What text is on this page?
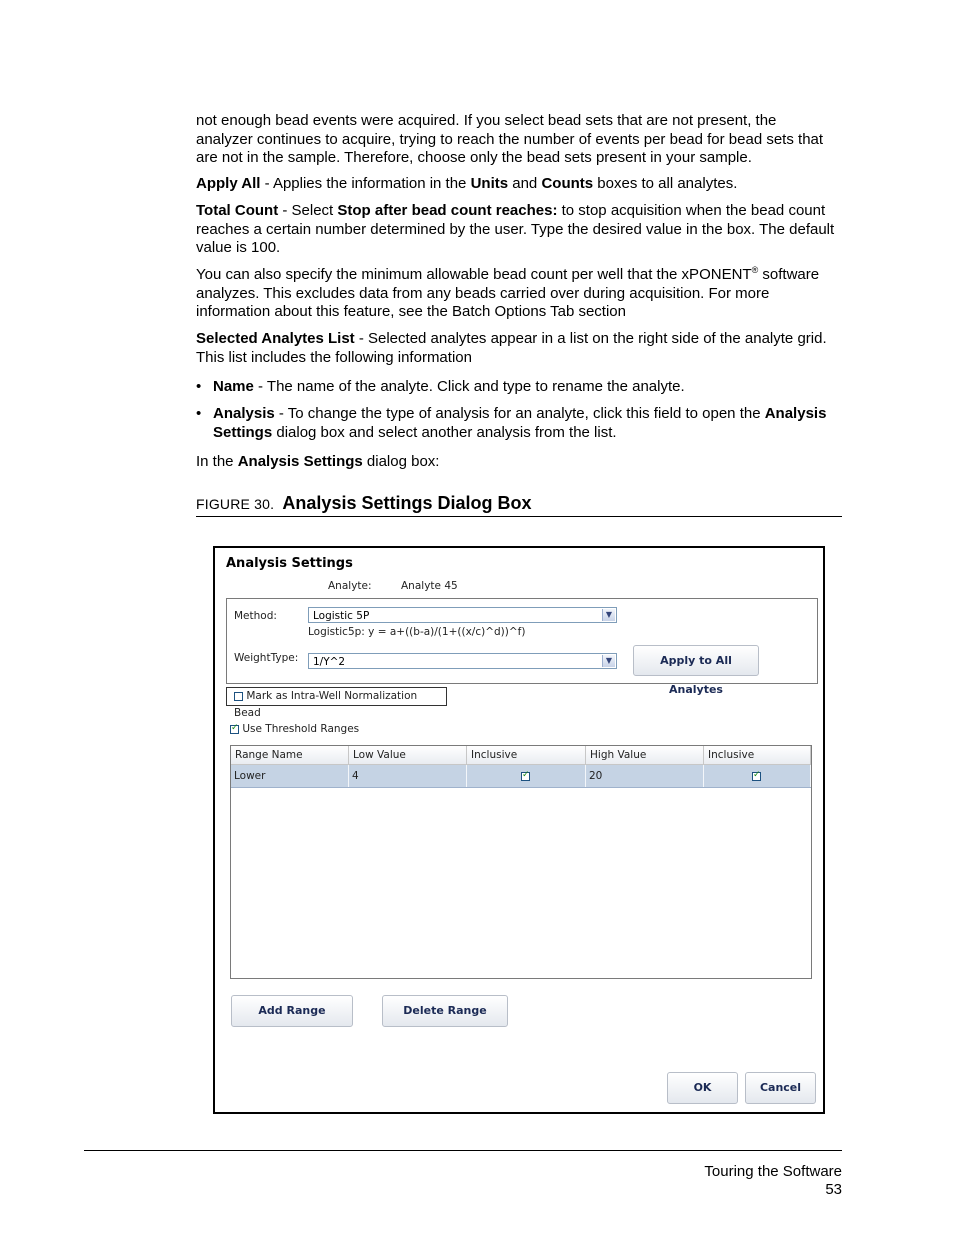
not enough bead events were acquired. If you select bead sets that are not present, the analyzer continues to acquire, trying to reach the number of events per bead for bead sets that are not in the sample. Therefore, choose only the bead sets present in your sample.
Apply All - Applies the information in the Units and Counts boxes to all analytes.
Total Count - Select Stop after bead count reaches: to stop acquisition when the bead count reaches a certain number determined by the user. Type the desired value in the box. The default value is 100.
You can also specify the minimum allowable bead count per well that the xPONENT® software analyzes. This excludes data from any beads carried over during acquisition. For more information about this feature, see the Batch Options Tab section
Selected Analytes List - Selected analytes appear in a list on the right side of the analyte grid. This list includes the following information
• Name - The name of the analyte. Click and type to rename the analyte.
• Analysis - To change the type of analysis for an analyte, click this field to open the Analysis Settings dialog box and select another analysis from the list.
In the Analysis Settings dialog box:
FIGURE 30. Analysis Settings Dialog Box
Analysis Settings
Analyte:	Analyte 45
Method:	Logistic 5P	▼
Logistic5p: y = a+((b-a)/(1+((x/c)^d))^f)
WeightType:	1/Y^2	▼	Apply to All Analytes
Mark as Intra-Well Normalization Bead
✓ Use Threshold Ranges
Range Name	Low Value	Inclusive	High Value	Inclusive
Lower	4	✓	20	✓
Add Range	Delete Range
OK	Cancel
Touring the Software
53
